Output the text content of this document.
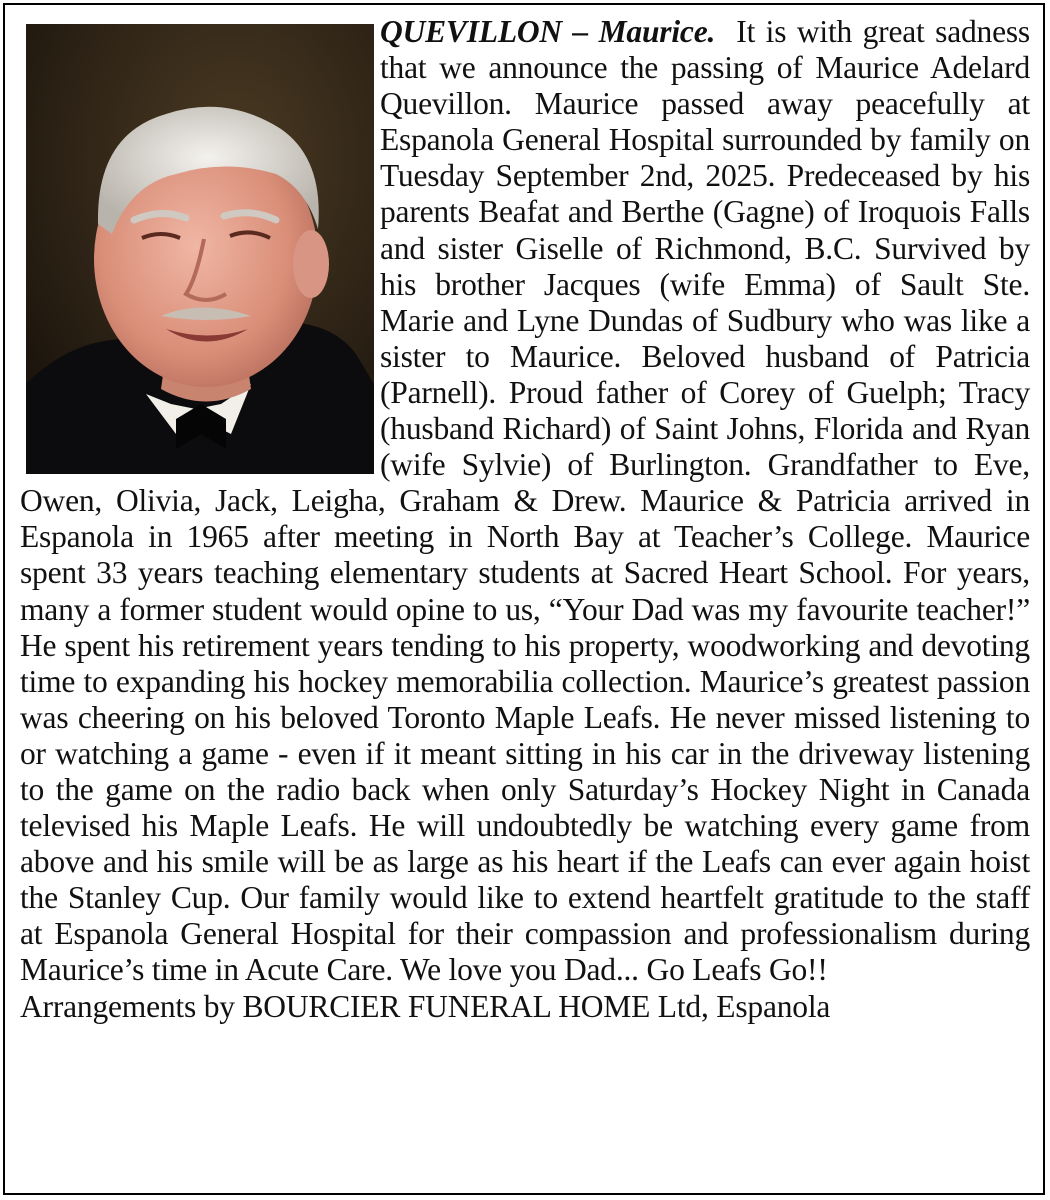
QUEVILLON – Maurice. It is with great sadness that we announce the passing of Maurice Adelard Quevillon. Maurice passed away peacefully at Espanola General Hospital surrounded by family on Tuesday September 2nd, 2025. Predeceased by his parents Beafat and Berthe (Gagne) of Iroquois Falls and sister Giselle of Richmond, B.C. Survived by his brother Jacques (wife Emma) of Sault Ste. Marie and Lyne Dundas of Sudbury who was like a sister to Maurice. Beloved husband of Patricia (Parnell). Proud father of Corey of Guelph; Tracy (husband Richard) of Saint Johns, Florida and Ryan (wife Sylvie) of Burlington. Grandfather to Eve, Owen, Olivia, Jack, Leigha, Graham & Drew. Maurice & Patricia arrived in Espanola in 1965 after meeting in North Bay at Teacher’s College. Maurice spent 33 years teaching elementary students at Sacred Heart School. For years, many a former student would opine to us, “Your Dad was my favourite teacher!” He spent his retirement years tending to his property, woodworking and devoting time to expanding his hockey memorabilia collection. Maurice’s greatest passion was cheering on his beloved Toronto Maple Leafs. He never missed listening to or watching a game - even if it meant sitting in his car in the driveway listening to the game on the radio back when only Saturday’s Hockey Night in Canada televised his Maple Leafs. He will undoubtedly be watching every game from above and his smile will be as large as his heart if the Leafs can ever again hoist the Stanley Cup. Our family would like to extend heartfelt gratitude to the staff at Espanola General Hospital for their compassion and professionalism during Maurice’s time in Acute Care. We love you Dad... Go Leafs Go!!
Arrangements by BOURCIER FUNERAL HOME Ltd, Espanola
